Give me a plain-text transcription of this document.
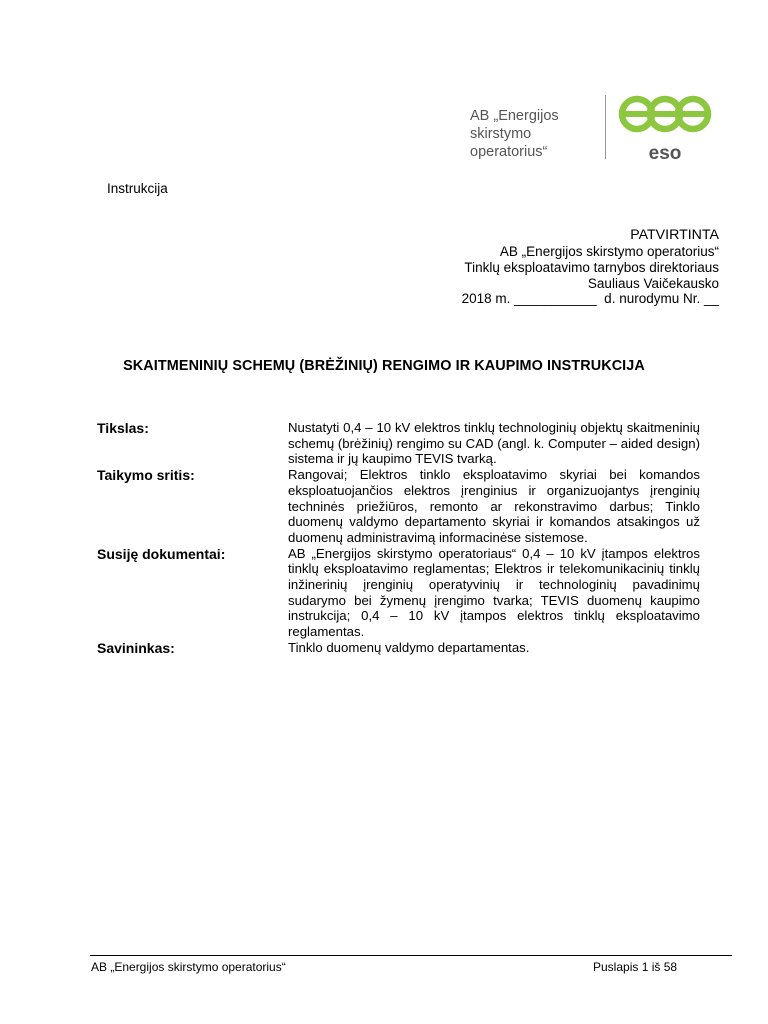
AB „Energijos
skirstymo operatorius“	eso
Instrukcija
PATVIRTINTA
AB „Energijos skirstymo operatorius“
Tinklų eksploatavimo tarnybos direktoriaus
Sauliaus Vaičekausko
2018 m. ___________  d. nurodymu Nr. __
SKAITMENINIŲ SCHEMŲ (BRĖŽINIŲ) RENGIMO IR KAUPIMO INSTRUKCIJA
Tikslas:	Nustatyti 0,4 – 10 kV elektros tinklų technologinių objektų skaitmeninių schemų (brėžinių) rengimo su CAD (angl. k. Computer – aided design) sistema ir jų kaupimo TEVIS tvarką.
Taikymo sritis:	Rangovai; Elektros tinklo eksploatavimo skyriai bei komandos eksploatuojančios elektros įrenginius ir organizuojantys įrenginių techninės priežiūros, remonto ar rekonstravimo darbus; Tinklo duomenų valdymo departamento skyriai ir komandos atsakingos už duomenų administravimą informacinėse sistemose.
Susiję dokumentai:	AB „Energijos skirstymo operatoriaus“ 0,4 – 10 kV įtampos elektros tinklų eksploatavimo reglamentas; Elektros ir telekomunikacinių tinklų inžinerinių įrenginių operatyvinių ir technologinių pavadinimų sudarymo bei žymenų įrengimo tvarka; TEVIS duomenų kaupimo instrukcija; 0,4 – 10 kV įtampos elektros tinklų eksploatavimo reglamentas.
Savininkas:	Tinklo duomenų valdymo departamentas.
AB „Energijos skirstymo operatorius“	Puslapis 1 iš 58
